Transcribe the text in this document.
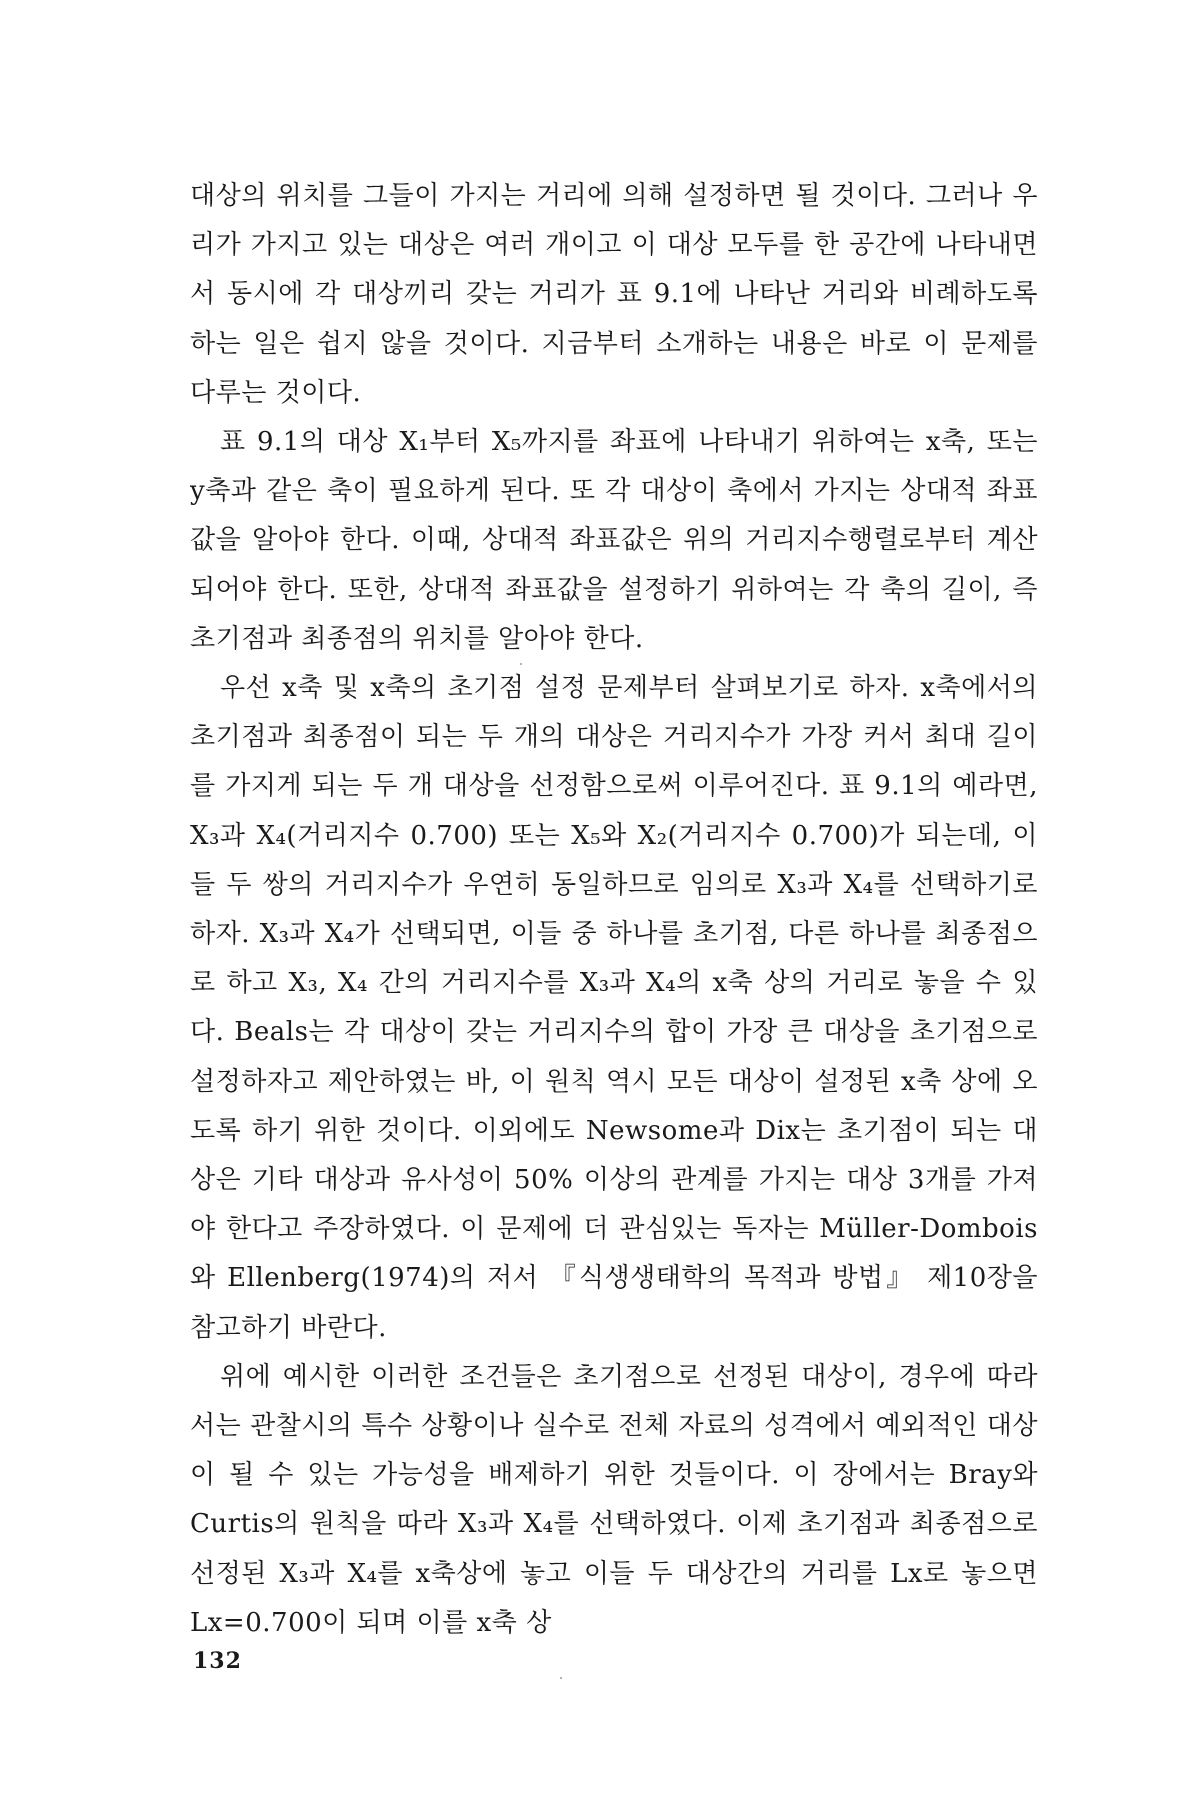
대상의 위치를 그들이 가지는 거리에 의해 설정하면 될 것이다. 그러나 우리가 가지고 있는 대상은 여러 개이고 이 대상 모두를 한 공간에 나타내면서 동시에 각 대상끼리 갖는 거리가 표 9.1에 나타난 거리와 비례하도록 하는 일은 쉽지 않을 것이다. 지금부터 소개하는 내용은 바로 이 문제를 다루는 것이다.

표 9.1의 대상 X₁부터 X₅까지를 좌표에 나타내기 위하여는 x축, 또는 y축과 같은 축이 필요하게 된다. 또 각 대상이 축에서 가지는 상대적 좌표값을 알아야 한다. 이때, 상대적 좌표값은 위의 거리지수행렬로부터 계산되어야 한다. 또한, 상대적 좌표값을 설정하기 위하여는 각 축의 길이, 즉 초기점과 최종점의 위치를 알아야 한다.

우선 x축 및 x축의 초기점 설정 문제부터 살펴보기로 하자. x축에서의 초기점과 최종점이 되는 두 개의 대상은 거리지수가 가장 커서 최대 길이를 가지게 되는 두 개 대상을 선정함으로써 이루어진다. 표 9.1의 예라면, X₃과 X₄(거리지수 0.700) 또는 X₅와 X₂(거리지수 0.700)가 되는데, 이들 두 쌍의 거리지수가 우연히 동일하므로 임의로 X₃과 X₄를 선택하기로 하자. X₃과 X₄가 선택되면, 이들 중 하나를 초기점, 다른 하나를 최종점으로 하고 X₃, X₄ 간의 거리지수를 X₃과 X₄의 x축 상의 거리로 놓을 수 있다. Beals는 각 대상이 갖는 거리지수의 합이 가장 큰 대상을 초기점으로 설정하자고 제안하였는 바, 이 원칙 역시 모든 대상이 설정된 x축 상에 오도록 하기 위한 것이다. 이외에도 Newsome과 Dix는 초기점이 되는 대상은 기타 대상과 유사성이 50% 이상의 관계를 가지는 대상 3개를 가져야 한다고 주장하였다. 이 문제에 더 관심있는 독자는 Müller-Dombois와 Ellenberg(1974)의 저서 『식생생태학의 목적과 방법』 제10장을 참고하기 바란다.

위에 예시한 이러한 조건들은 초기점으로 선정된 대상이, 경우에 따라서는 관찰시의 특수 상황이나 실수로 전체 자료의 성격에서 예외적인 대상이 될 수 있는 가능성을 배제하기 위한 것들이다. 이 장에서는 Bray와 Curtis의 원칙을 따라 X₃과 X₄를 선택하였다. 이제 초기점과 최종점으로 선정된 X₃과 X₄를 x축상에 놓고 이들 두 대상간의 거리를 Lx로 놓으면 Lx=0.700이 되며 이를 x축 상

132
